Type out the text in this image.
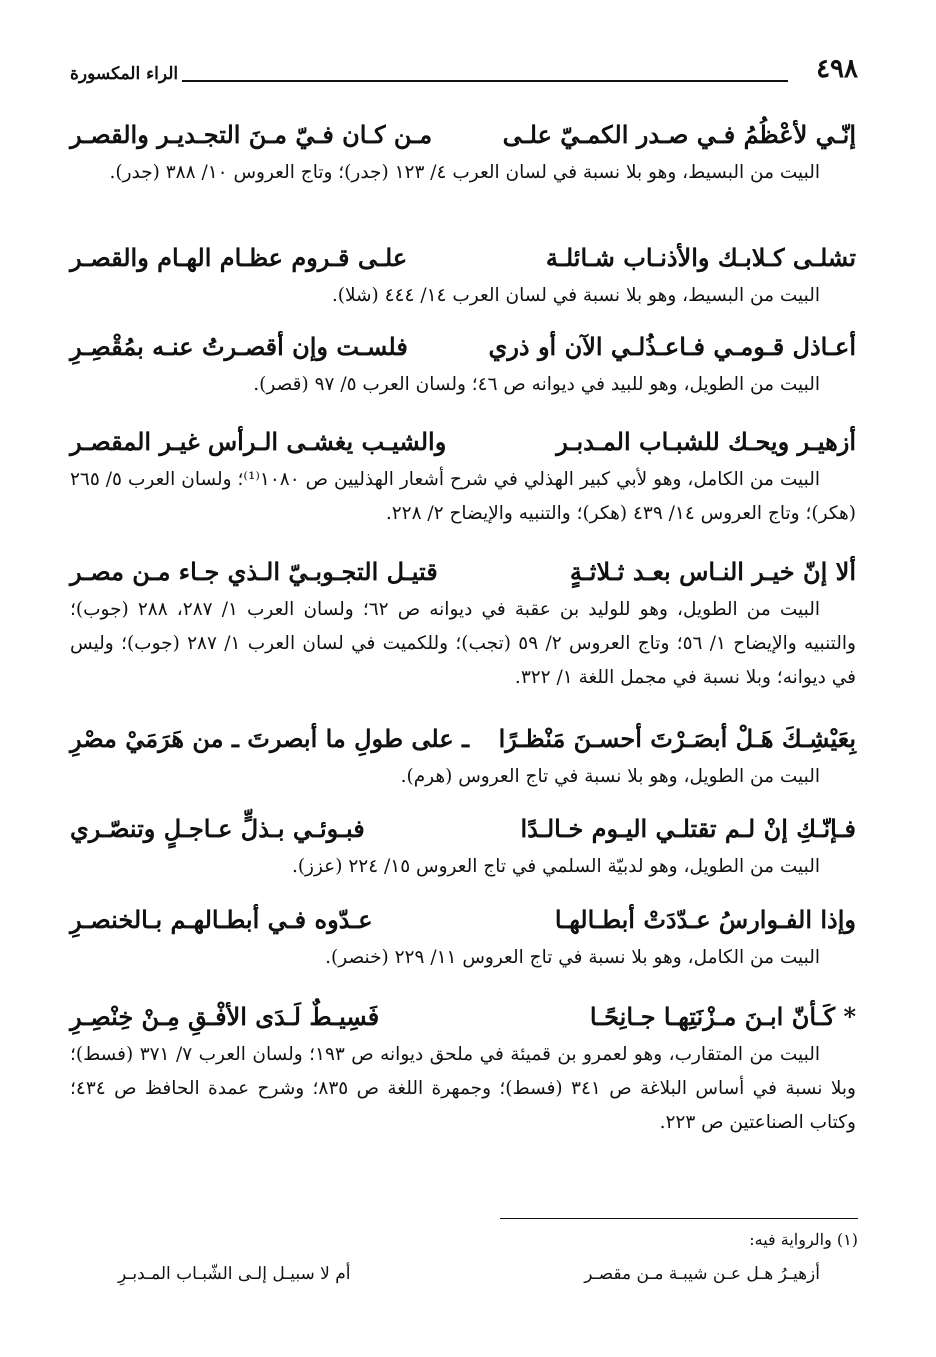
٤٩٨
الراء المكسورة
إنّـي لأعْظُمُ فـي صـدر الكمـيّ علـى
مـن كـان فـيّ مـنَ التجـديـر والقصـر
البيت من البسيط، وهو بلا نسبة في لسان العرب ٤/ ١٢٣ (جدر)؛ وتاج العروس ١٠/ ٣٨٨ (جدر).
تشلـى كـلابـك والأذنـاب شـائلـة
علـى قـروم عظـام الهـام والقصـر
البيت من البسيط، وهو بلا نسبة في لسان العرب ١٤/ ٤٤٤ (شلا).
أعـاذل قـومـي فـاعـذُلـي الآن أو ذري
فلسـت وإن أقصـرتُ عنـه بمُقْصِـرِ
البيت من الطويل، وهو للبيد في ديوانه ص ٤٦؛ ولسان العرب ٥/ ٩٧ (قصر).
أزهيـر ويحـك للشبـاب المـدبـر
والشيـب يغشـى الـرأس غيـر المقصـر
البيت من الكامل، وهو لأبي كبير الهذلي في شرح أشعار الهذليين ص ١٠٨٠⁽¹⁾؛ ولسان العرب ٥/ ٢٦٥ (هكر)؛ وتاج العروس ١٤/ ٤٣٩ (هكر)؛ والتنبيه والإيضاح ٢/ ٢٢٨.
ألا إنّ خيـر النـاس بعـد ثـلاثـةٍ
قتيـل التجـوبـيّ الـذي جـاء مـن مصـر
البيت من الطويل، وهو للوليد بن عقبة في ديوانه ص ٦٢؛ ولسان العرب ١/ ٢٨٧، ٢٨٨ (جوب)؛ والتنبيه والإيضاح ١/ ٥٦؛ وتاج العروس ٢/ ٥٩ (تجب)؛ وللكميت في لسان العرب ١/ ٢٨٧ (جوب)؛ وليس في ديوانه؛ وبلا نسبة في مجمل اللغة ١/ ٣٢٢.
بِعَيْشِـكَ هَـلْ أبصَـرْتَ أحسـنَ مَنْظـرًا
ـ على طولِ ما أبصرتَ ـ من هَرَمَيْ مصْرِ
البيت من الطويل، وهو بلا نسبة في تاج العروس (هرم).
فـإنّـكِ إنْ لـم تقتلـي اليـوم خـالـدًا
فبـوئـي بـذلٍّ عـاجـلٍ وتنصّـري
البيت من الطويل، وهو لدبيّة السلمي في تاج العروس ١٥/ ٢٢٤ (عزز).
وإذا الفـوارسُ عـدّدَتْ أبطـالهـا
عـدّوه فـي أبطـالهـم بـالخنصـرِ
البيت من الكامل، وهو بلا نسبة في تاج العروس ١١/ ٢٢٩ (خنصر).
* كَـأنّ ابـنَ مـزْنَتِهـا جـانِحًـا
فَسِيـطٌ لَـدَى الأفْـقِ مِـنْ خِنْصِـرِ
البيت من المتقارب، وهو لعمرو بن قميئة في ملحق ديوانه ص ١٩٣؛ ولسان العرب ٧/ ٣٧١ (فسط)؛ وبلا نسبة في أساس البلاغة ص ٣٤١ (فسط)؛ وجمهرة اللغة ص ٨٣٥؛ وشرح عمدة الحافظ ص ٤٣٤؛ وكتاب الصناعتين ص ٢٢٣.
(١) والرواية فيه:
أزهيـرُ هـل عـن شيبـة مـن مقصـر
أم لا سبيـل إلـى الشّبـاب المـدبـرِ
